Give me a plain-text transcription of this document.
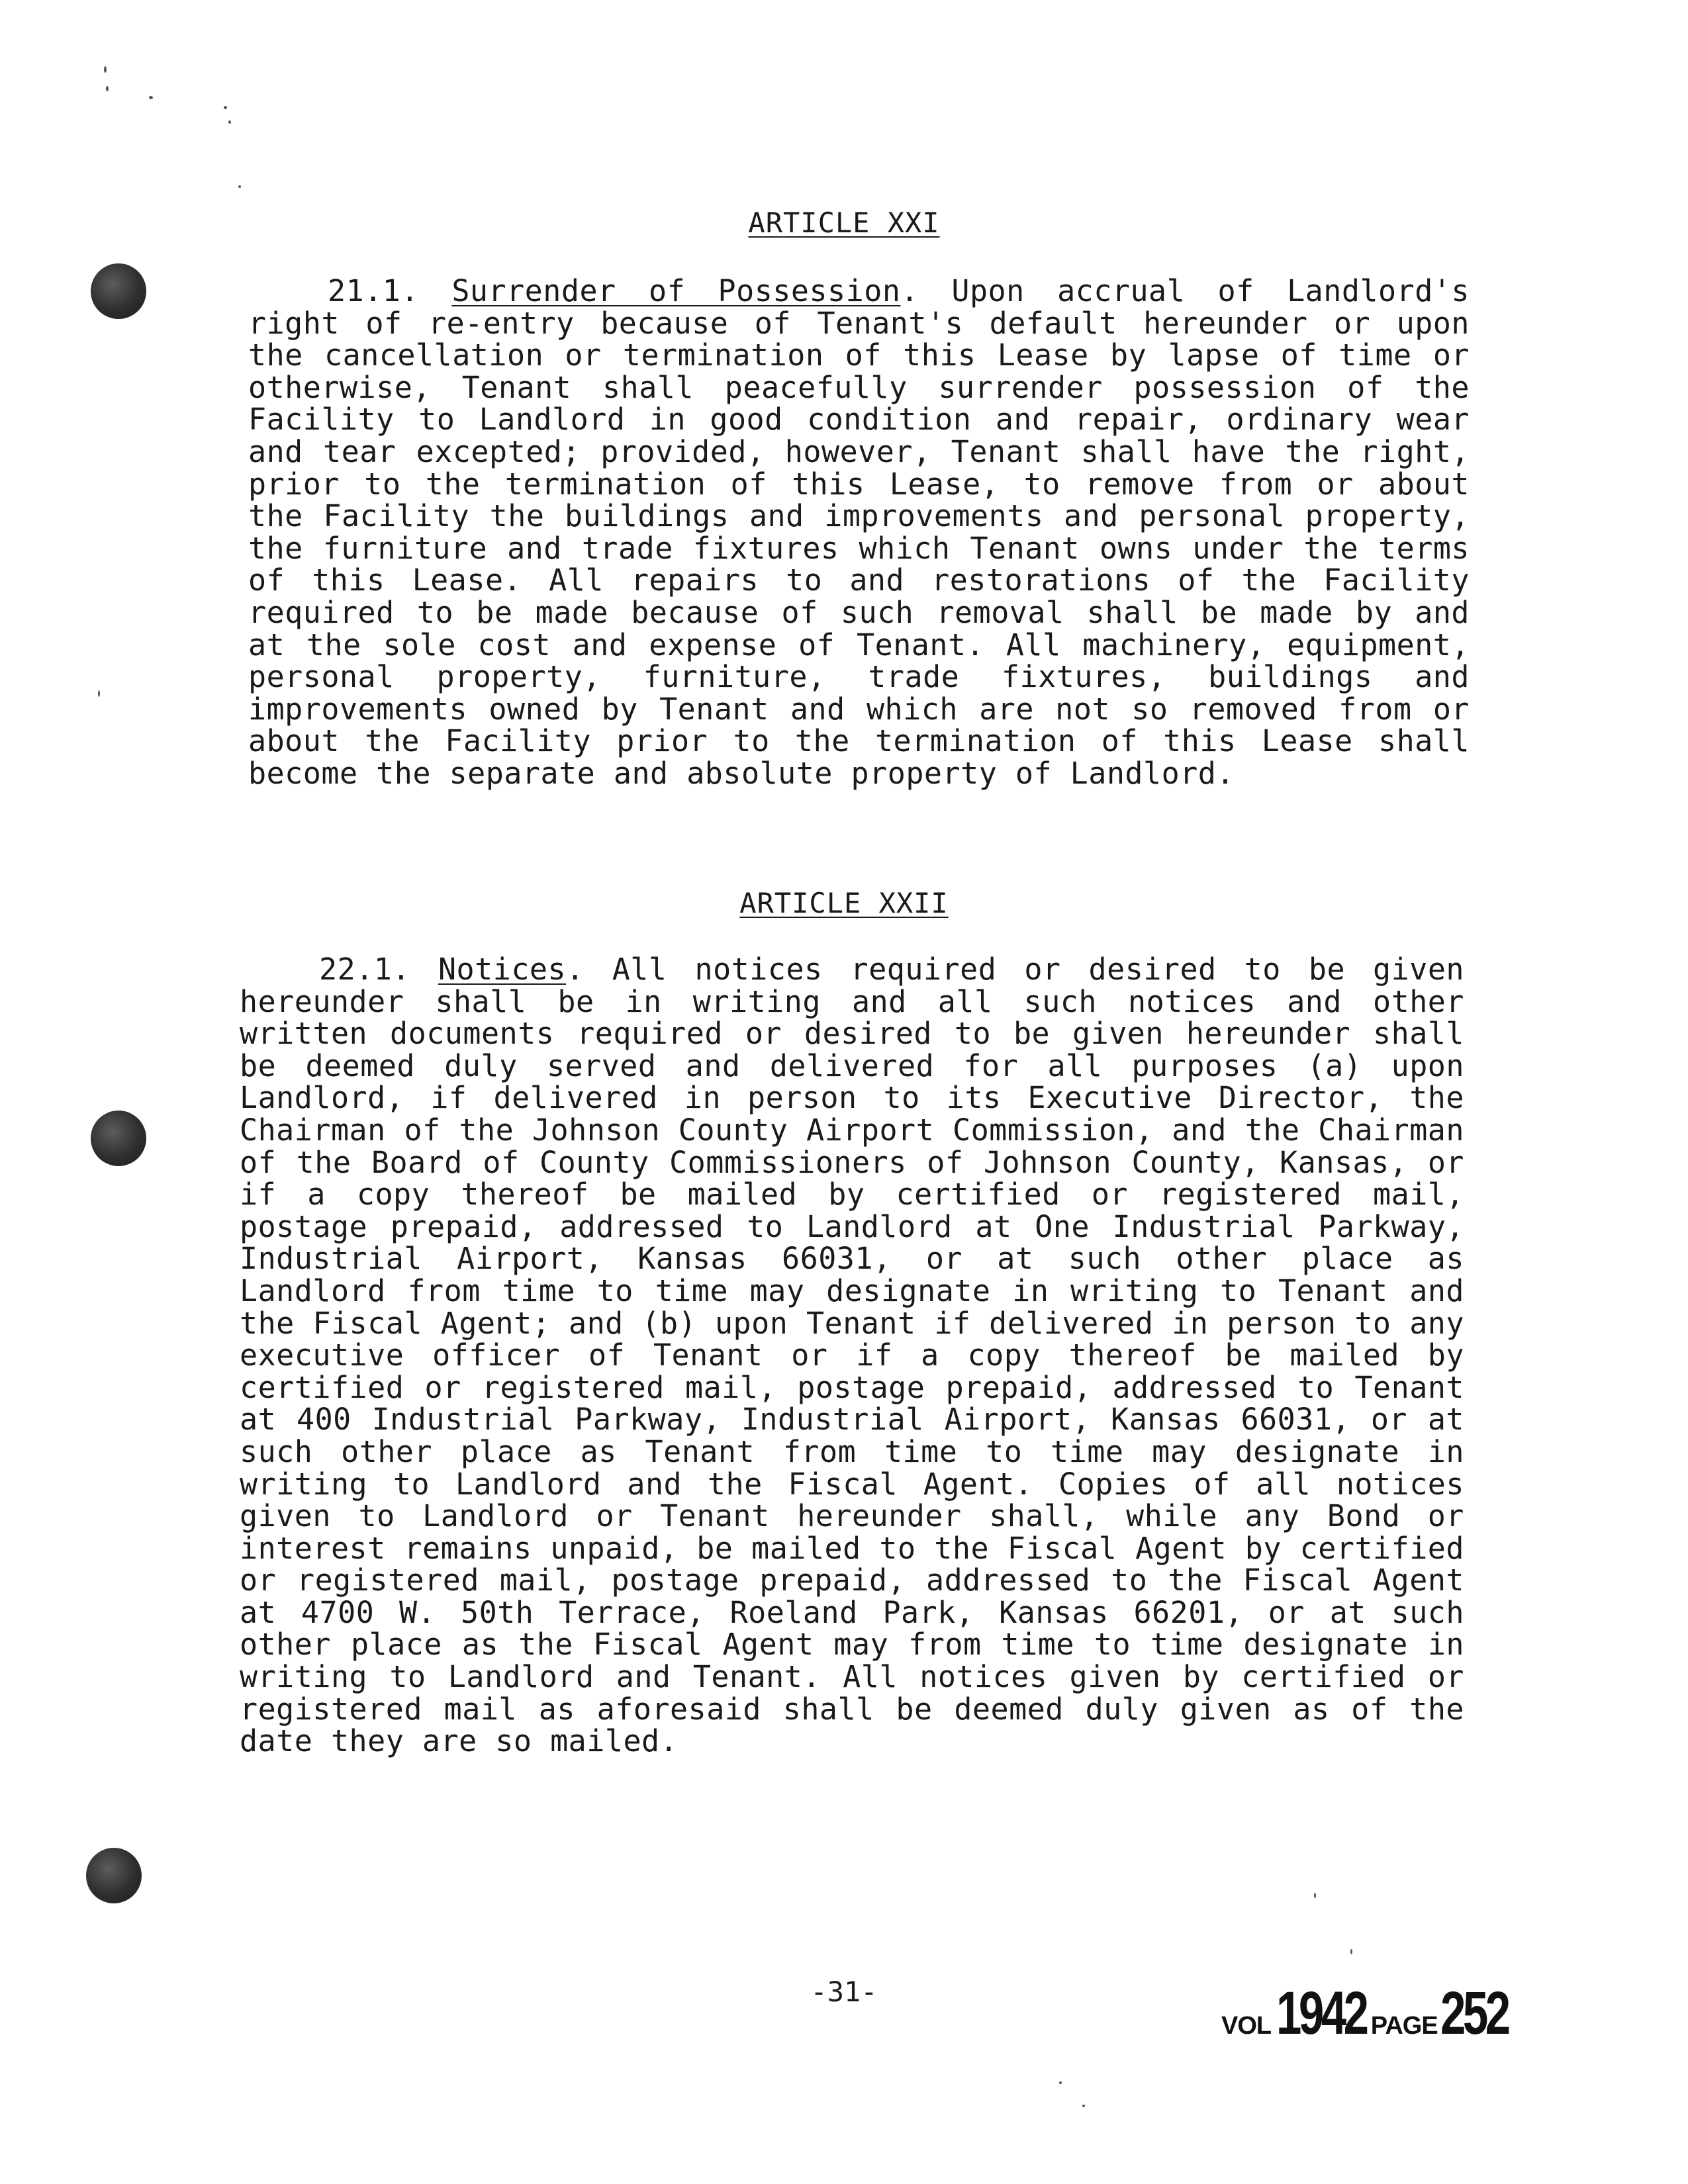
ARTICLE XXI

21.1. Surrender of Possession. Upon accrual of Landlord's right of re-entry because of Tenant's default hereunder or upon the cancellation or termination of this Lease by lapse of time or otherwise, Tenant shall peacefully surrender possession of the Facility to Landlord in good condition and repair, ordinary wear and tear excepted; provided, however, Tenant shall have the right, prior to the termination of this Lease, to remove from or about the Facility the buildings and improvements and personal property, the furniture and trade fixtures which Tenant owns under the terms of this Lease. All repairs to and restorations of the Facility required to be made because of such removal shall be made by and at the sole cost and expense of Tenant. All machinery, equipment, personal property, furniture, trade fixtures, buildings and improvements owned by Tenant and which are not so removed from or about the Facility prior to the termination of this Lease shall become the separate and absolute property of Landlord.

ARTICLE XXII

22.1. Notices. All notices required or desired to be given hereunder shall be in writing and all such notices and other written documents required or desired to be given hereunder shall be deemed duly served and delivered for all purposes (a) upon Landlord, if delivered in person to its Executive Director, the Chairman of the Johnson County Airport Commission, and the Chairman of the Board of County Commissioners of Johnson County, Kansas, or if a copy thereof be mailed by certified or registered mail, postage prepaid, addressed to Landlord at One Industrial Parkway, Industrial Airport, Kansas 66031, or at such other place as Landlord from time to time may designate in writing to Tenant and the Fiscal Agent; and (b) upon Tenant if delivered in person to any executive officer of Tenant or if a copy thereof be mailed by certified or registered mail, postage prepaid, addressed to Tenant at 400 Industrial Parkway, Industrial Airport, Kansas 66031, or at such other place as Tenant from time to time may designate in writing to Landlord and the Fiscal Agent. Copies of all notices given to Landlord or Tenant hereunder shall, while any Bond or interest remains unpaid, be mailed to the Fiscal Agent by certified or registered mail, postage prepaid, addressed to the Fiscal Agent at 4700 W. 50th Terrace, Roeland Park, Kansas 66201, or at such other place as the Fiscal Agent may from time to time designate in writing to Landlord and Tenant. All notices given by certified or registered mail as aforesaid shall be deemed duly given as of the date they are so mailed.

-31-
VOL 1942 PAGE 252
